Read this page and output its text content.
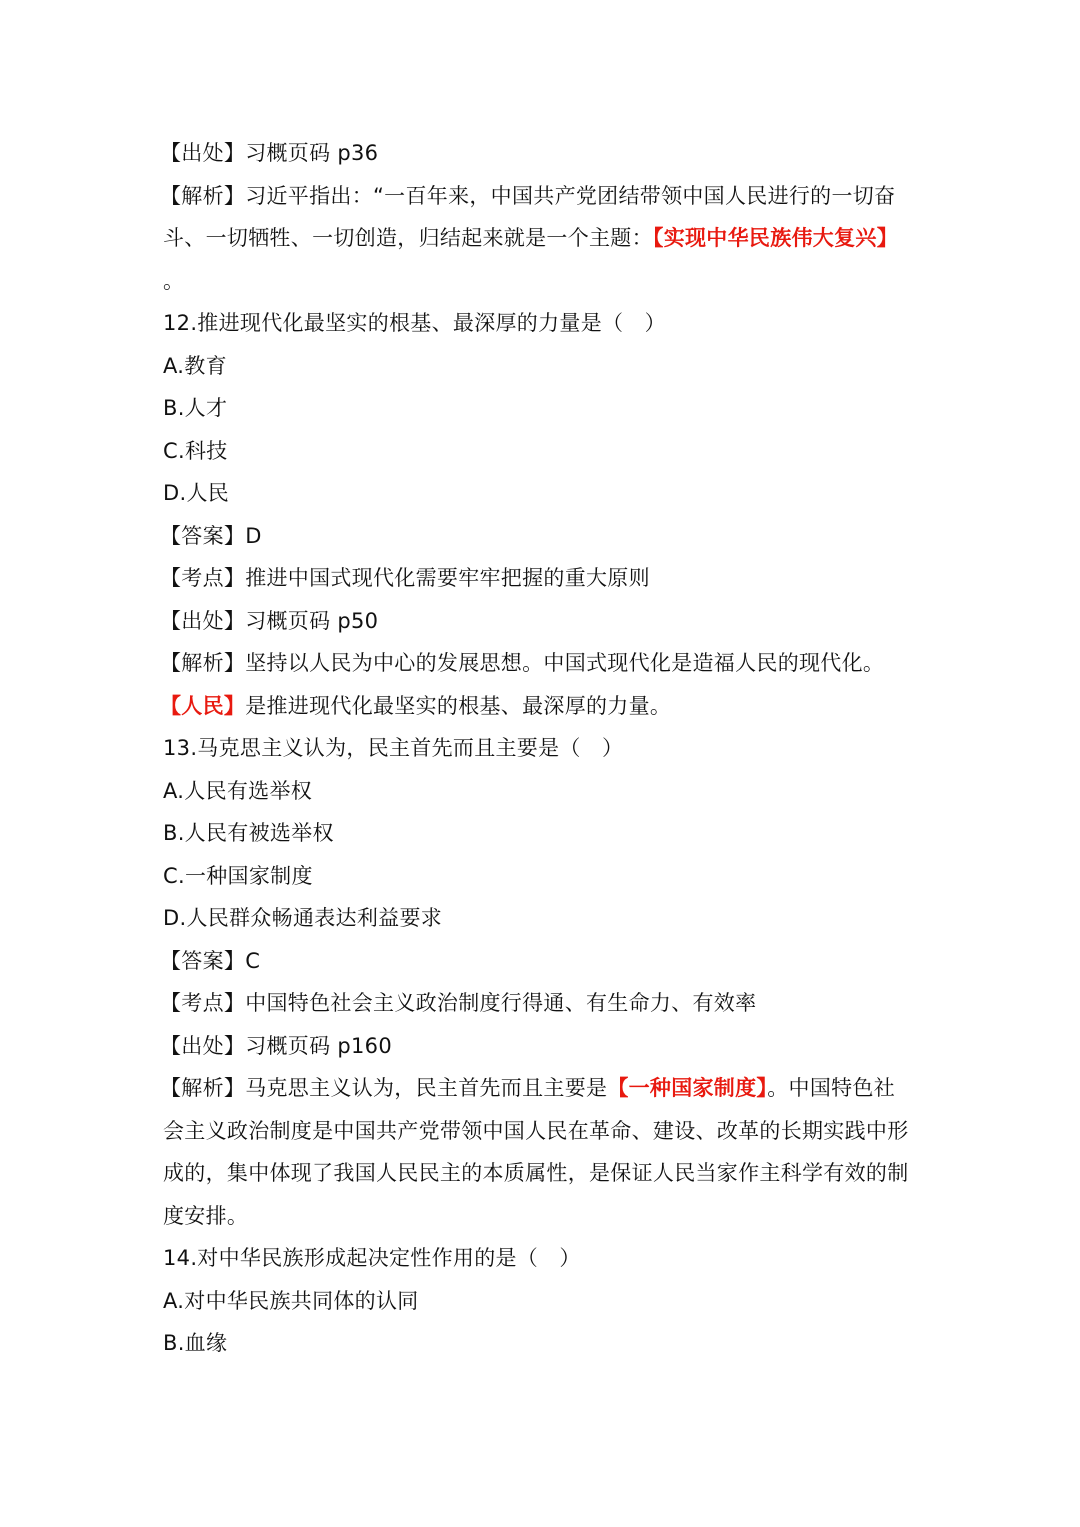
【出处】习概页码 p36
【解析】习近平指出：“一百年来，中国共产党团结带领中国人民进行的一切奋
斗、一切牺牲、一切创造，归结起来就是一个主题：【实现中华民族伟大复兴】
。
12.推进现代化最坚实的根基、最深厚的力量是（　）
A.教育
B.人才
C.科技
D.人民
【答案】D
【考点】推进中国式现代化需要牢牢把握的重大原则
【出处】习概页码 p50
【解析】坚持以人民为中心的发展思想。中国式现代化是造福人民的现代化。
【人民】是推进现代化最坚实的根基、最深厚的力量。
13.马克思主义认为，民主首先而且主要是（　）
A.人民有选举权
B.人民有被选举权
C.一种国家制度
D.人民群众畅通表达利益要求
【答案】C
【考点】中国特色社会主义政治制度行得通、有生命力、有效率
【出处】习概页码 p160
【解析】马克思主义认为，民主首先而且主要是【一种国家制度】。中国特色社
会主义政治制度是中国共产党带领中国人民在革命、建设、改革的长期实践中形
成的，集中体现了我国人民民主的本质属性，是保证人民当家作主科学有效的制
度安排。
14.对中华民族形成起决定性作用的是（　）
A.对中华民族共同体的认同
B.血缘
